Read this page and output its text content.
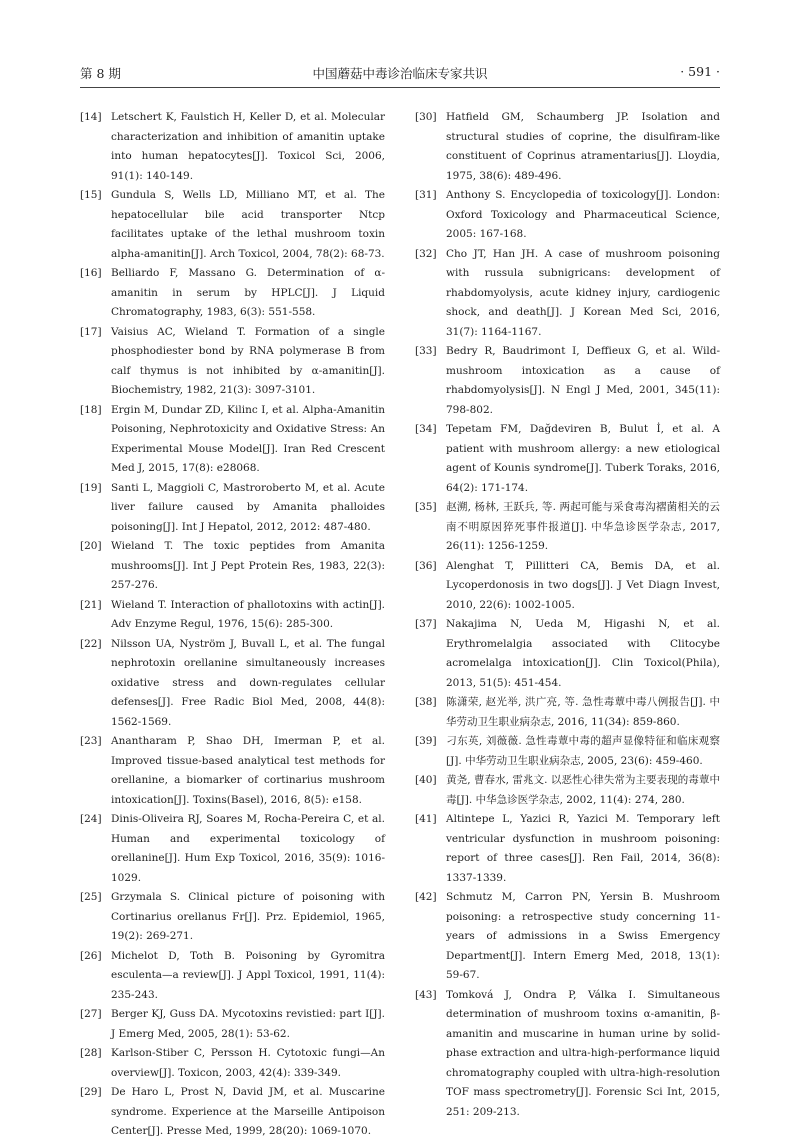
第 8 期	中国蘑菇中毒诊治临床专家共识	· 591 ·
[14] Letschert K, Faulstich H, Keller D, et al. Molecular characterization and inhibition of amanitin uptake into human hepatocytes[J]. Toxicol Sci, 2006, 91(1): 140-149.
[15] Gundula S, Wells LD, Milliano MT, et al. The hepatocellular bile acid transporter Ntcp facilitates uptake of the lethal mushroom toxin alpha-amanitin[J]. Arch Toxicol, 2004, 78(2): 68-73.
[16] Belliardo F, Massano G. Determination of α-amanitin in serum by HPLC[J]. J Liquid Chromatography, 1983, 6(3): 551-558.
[17] Vaisius AC, Wieland T. Formation of a single phosphodiester bond by RNA polymerase B from calf thymus is not inhibited by α-amanitin[J]. Biochemistry, 1982, 21(3): 3097-3101.
[18] Ergin M, Dundar ZD, Kilinc I, et al. Alpha-Amanitin Poisoning, Nephrotoxicity and Oxidative Stress: An Experimental Mouse Model[J]. Iran Red Crescent Med J, 2015, 17(8): e28068.
[19] Santi L, Maggioli C, Mastroroberto M, et al. Acute liver failure caused by Amanita phalloides poisoning[J]. Int J Hepatol, 2012, 2012: 487-480.
[20] Wieland T. The toxic peptides from Amanita mushrooms[J]. Int J Pept Protein Res, 1983, 22(3): 257-276.
[21] Wieland T. Interaction of phallotoxins with actin[J]. Adv Enzyme Regul, 1976, 15(6): 285-300.
[22] Nilsson UA, Nyström J, Buvall L, et al. The fungal nephrotoxin orellanine simultaneously increases oxidative stress and down-regulates cellular defenses[J]. Free Radic Biol Med, 2008, 44(8): 1562-1569.
[23] Anantharam P, Shao DH, Imerman P, et al. Improved tissue-based analytical test methods for orellanine, a biomarker of cortinarius mushroom intoxication[J]. Toxins(Basel), 2016, 8(5): e158.
[24] Dinis-Oliveira RJ, Soares M, Rocha-Pereira C, et al. Human and experimental toxicology of orellanine[J]. Hum Exp Toxicol, 2016, 35(9): 1016-1029.
[25] Grzymala S. Clinical picture of poisoning with Cortinarius orellanus Fr[J]. Prz. Epidemiol, 1965, 19(2): 269-271.
[26] Michelot D, Toth B. Poisoning by Gyromitra esculenta—a review[J]. J Appl Toxicol, 1991, 11(4): 235-243.
[27] Berger KJ, Guss DA. Mycotoxins revistied: part I[J]. J Emerg Med, 2005, 28(1): 53-62.
[28] Karlson-Stiber C, Persson H. Cytotoxic fungi—An overview[J]. Toxicon, 2003, 42(4): 339-349.
[29] De Haro L, Prost N, David JM, et al. Muscarine syndrome. Experience at the Marseille Antipoison Center[J]. Presse Med, 1999, 28(20): 1069-1070.
[30] Hatfield GM, Schaumberg JP. Isolation and structural studies of coprine, the disulfiram-like constituent of Coprinus atramentarius[J]. Lloydia, 1975, 38(6): 489-496.
[31] Anthony S. Encyclopedia of toxicology[J]. London: Oxford Toxicology and Pharmaceutical Science, 2005: 167-168.
[32] Cho JT, Han JH. A case of mushroom poisoning with russula subnigricans: development of rhabdomyolysis, acute kidney injury, cardiogenic shock, and death[J]. J Korean Med Sci, 2016, 31(7): 1164-1167.
[33] Bedry R, Baudrimont I, Deffieux G, et al. Wild-mushroom intoxication as a cause of rhabdomyolysis[J]. N Engl J Med, 2001, 345(11): 798-802.
[34] Tepetam FM, Dağdeviren B, Bulut İ, et al. A patient with mushroom allergy: a new etiological agent of Kounis syndrome[J]. Tuberk Toraks, 2016, 64(2): 171-174.
[35] 赵溯, 杨林, 王跃兵, 等. 两起可能与采食毒沟褶菌相关的云南不明原因猝死事件报道[J]. 中华急诊医学杂志, 2017, 26(11): 1256-1259.
[36] Alenghat T, Pillitteri CA, Bemis DA, et al. Lycoperdonosis in two dogs[J]. J Vet Diagn Invest, 2010, 22(6): 1002-1005.
[37] Nakajima N, Ueda M, Higashi N, et al. Erythromelalgia associated with Clitocybe acromelalga intoxication[J]. Clin Toxicol(Phila), 2013, 51(5): 451-454.
[38] 陈潇荣, 赵光举, 洪广亮, 等. 急性毒蕈中毒八例报告[J]. 中华劳动卫生职业病杂志, 2016, 11(34): 859-860.
[39] 刁东英, 刘薇薇. 急性毒蕈中毒的超声显像特征和临床观察[J]. 中华劳动卫生职业病杂志, 2005, 23(6): 459-460.
[40] 黄尧, 曹春水, 雷兆文. 以恶性心律失常为主要表现的毒蕈中毒[J]. 中华急诊医学杂志, 2002, 11(4): 274, 280.
[41] Altintepe L, Yazici R, Yazici M. Temporary left ventricular dysfunction in mushroom poisoning: report of three cases[J]. Ren Fail, 2014, 36(8): 1337-1339.
[42] Schmutz M, Carron PN, Yersin B. Mushroom poisoning: a retrospective study concerning 11-years of admissions in a Swiss Emergency Department[J]. Intern Emerg Med, 2018, 13(1): 59-67.
[43] Tomková J, Ondra P, Válka I. Simultaneous determination of mushroom toxins α-amanitin, β-amanitin and muscarine in human urine by solid-phase extraction and ultra-high-performance liquid chromatography coupled with ultra-high-resolution TOF mass spectrometry[J]. Forensic Sci Int, 2015, 251: 209-213.
